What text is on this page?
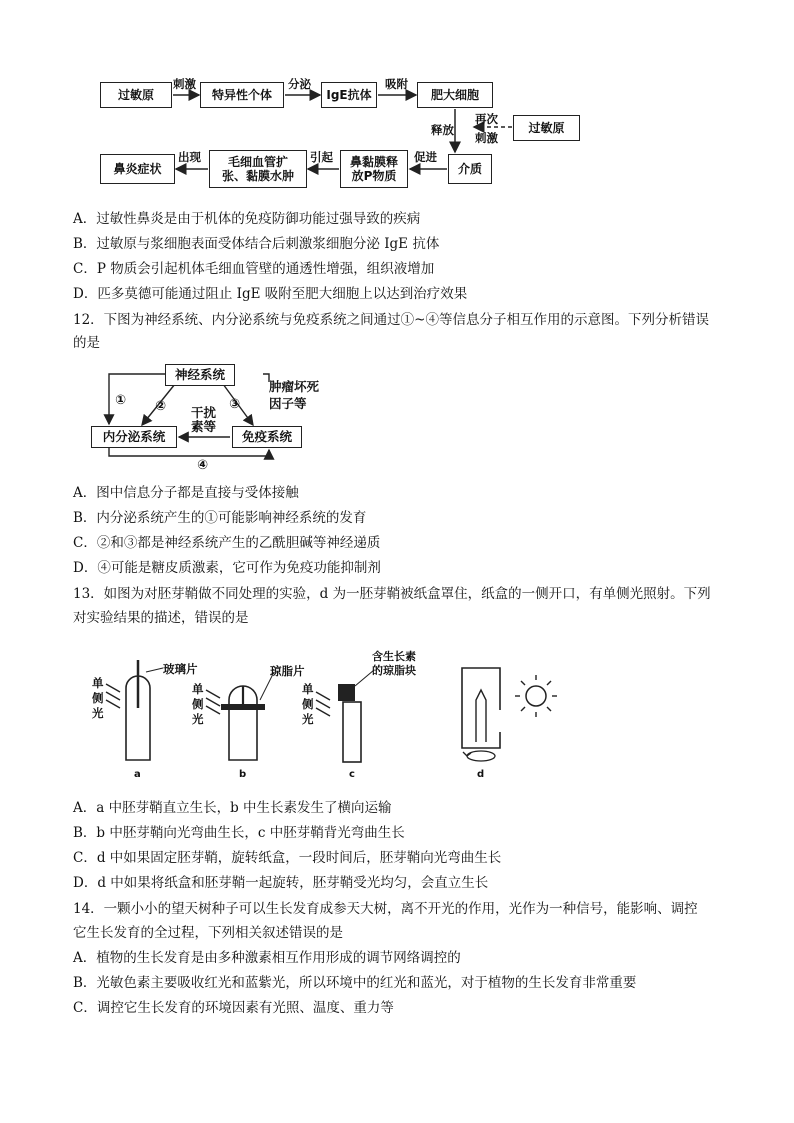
过敏原	特异性个体	IgE抗体	肥大细胞
过敏原
介质
鼻黏膜释放P物质
毛细血管扩张、黏膜水肿
鼻炎症状
刺激	分泌	吸附
释放
再次
刺激
促进
引起
出现
A．过敏性鼻炎是由于机体的免疫防御功能过强导致的疾病
B．过敏原与浆细胞表面受体结合后刺激浆细胞分泌 IgE 抗体
C．P 物质会引起机体毛细血管壁的通透性增强，组织液增加
D．匹多莫德可能通过阻止 IgE 吸附至肥大细胞上以达到治疗效果
12．下图为神经系统、内分泌系统与免疫系统之间通过①~④等信息分子相互作用的示意图。下列分析错误
的是
神经系统
内分泌系统	免疫系统
① ②	③
④
肿瘤坏死
因子等
干扰
素等
A．图中信息分子都是直接与受体接触
B．内分泌系统产生的①可能影响神经系统的发育
C．②和③都是神经系统产生的乙酰胆碱等神经递质
D．④可能是糖皮质激素，它可作为免疫功能抑制剂
13．如图为对胚芽鞘做不同处理的实验，d 为一胚芽鞘被纸盒罩住，纸盒的一侧开口，有单侧光照射。下列
对实验结果的描述，错误的是
单侧光
单侧光
单侧光
玻璃片	琼脂片
含生长素
的琼脂块
a	b	c	d
A．a 中胚芽鞘直立生长，b 中生长素发生了横向运输
B．b 中胚芽鞘向光弯曲生长，c 中胚芽鞘背光弯曲生长
C．d 中如果固定胚芽鞘，旋转纸盒，一段时间后，胚芽鞘向光弯曲生长
D．d 中如果将纸盒和胚芽鞘一起旋转，胚芽鞘受光均匀，会直立生长
14．一颗小小的望天树种子可以生长发育成参天大树，离不开光的作用，光作为一种信号，能影响、调控
它生长发育的全过程，下列相关叙述错误的是
A．植物的生长发育是由多种激素相互作用形成的调节网络调控的
B．光敏色素主要吸收红光和蓝紫光，所以环境中的红光和蓝光，对于植物的生长发育非常重要
C．调控它生长发育的环境因素有光照、温度、重力等
